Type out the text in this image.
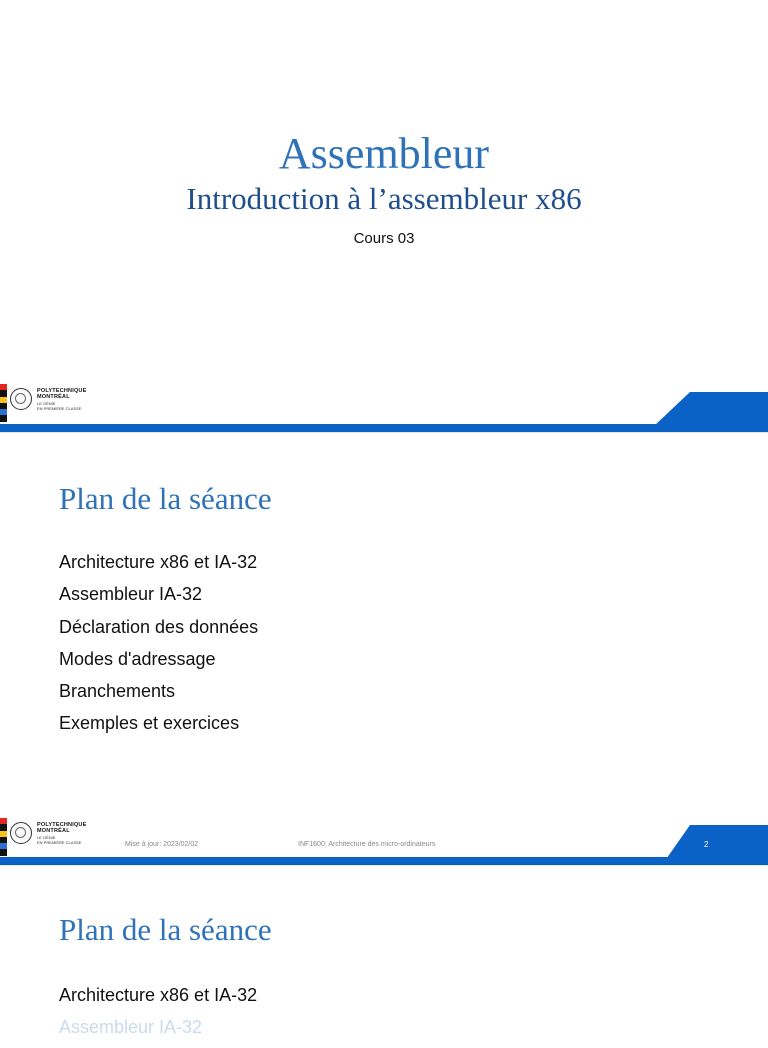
Assembleur
Introduction à l’assembleur x86
Cours 03
POLYTECHNIQUE
MONTRÉAL
LE GÉNIE
EN PREMIÈRE CLASSE
Plan de la séance
Architecture x86 et IA-32
Assembleur IA-32
Déclaration des données
Modes d'adressage
Branchements
Exemples et exercices
POLYTECHNIQUE
MONTRÉAL
LE GÉNIE
EN PREMIÈRE CLASSE	Mise à jour: 2023/02/02	INF1600: Architecture des micro-ordinateurs	2
Plan de la séance
Architecture x86 et IA-32
Assembleur IA-32
